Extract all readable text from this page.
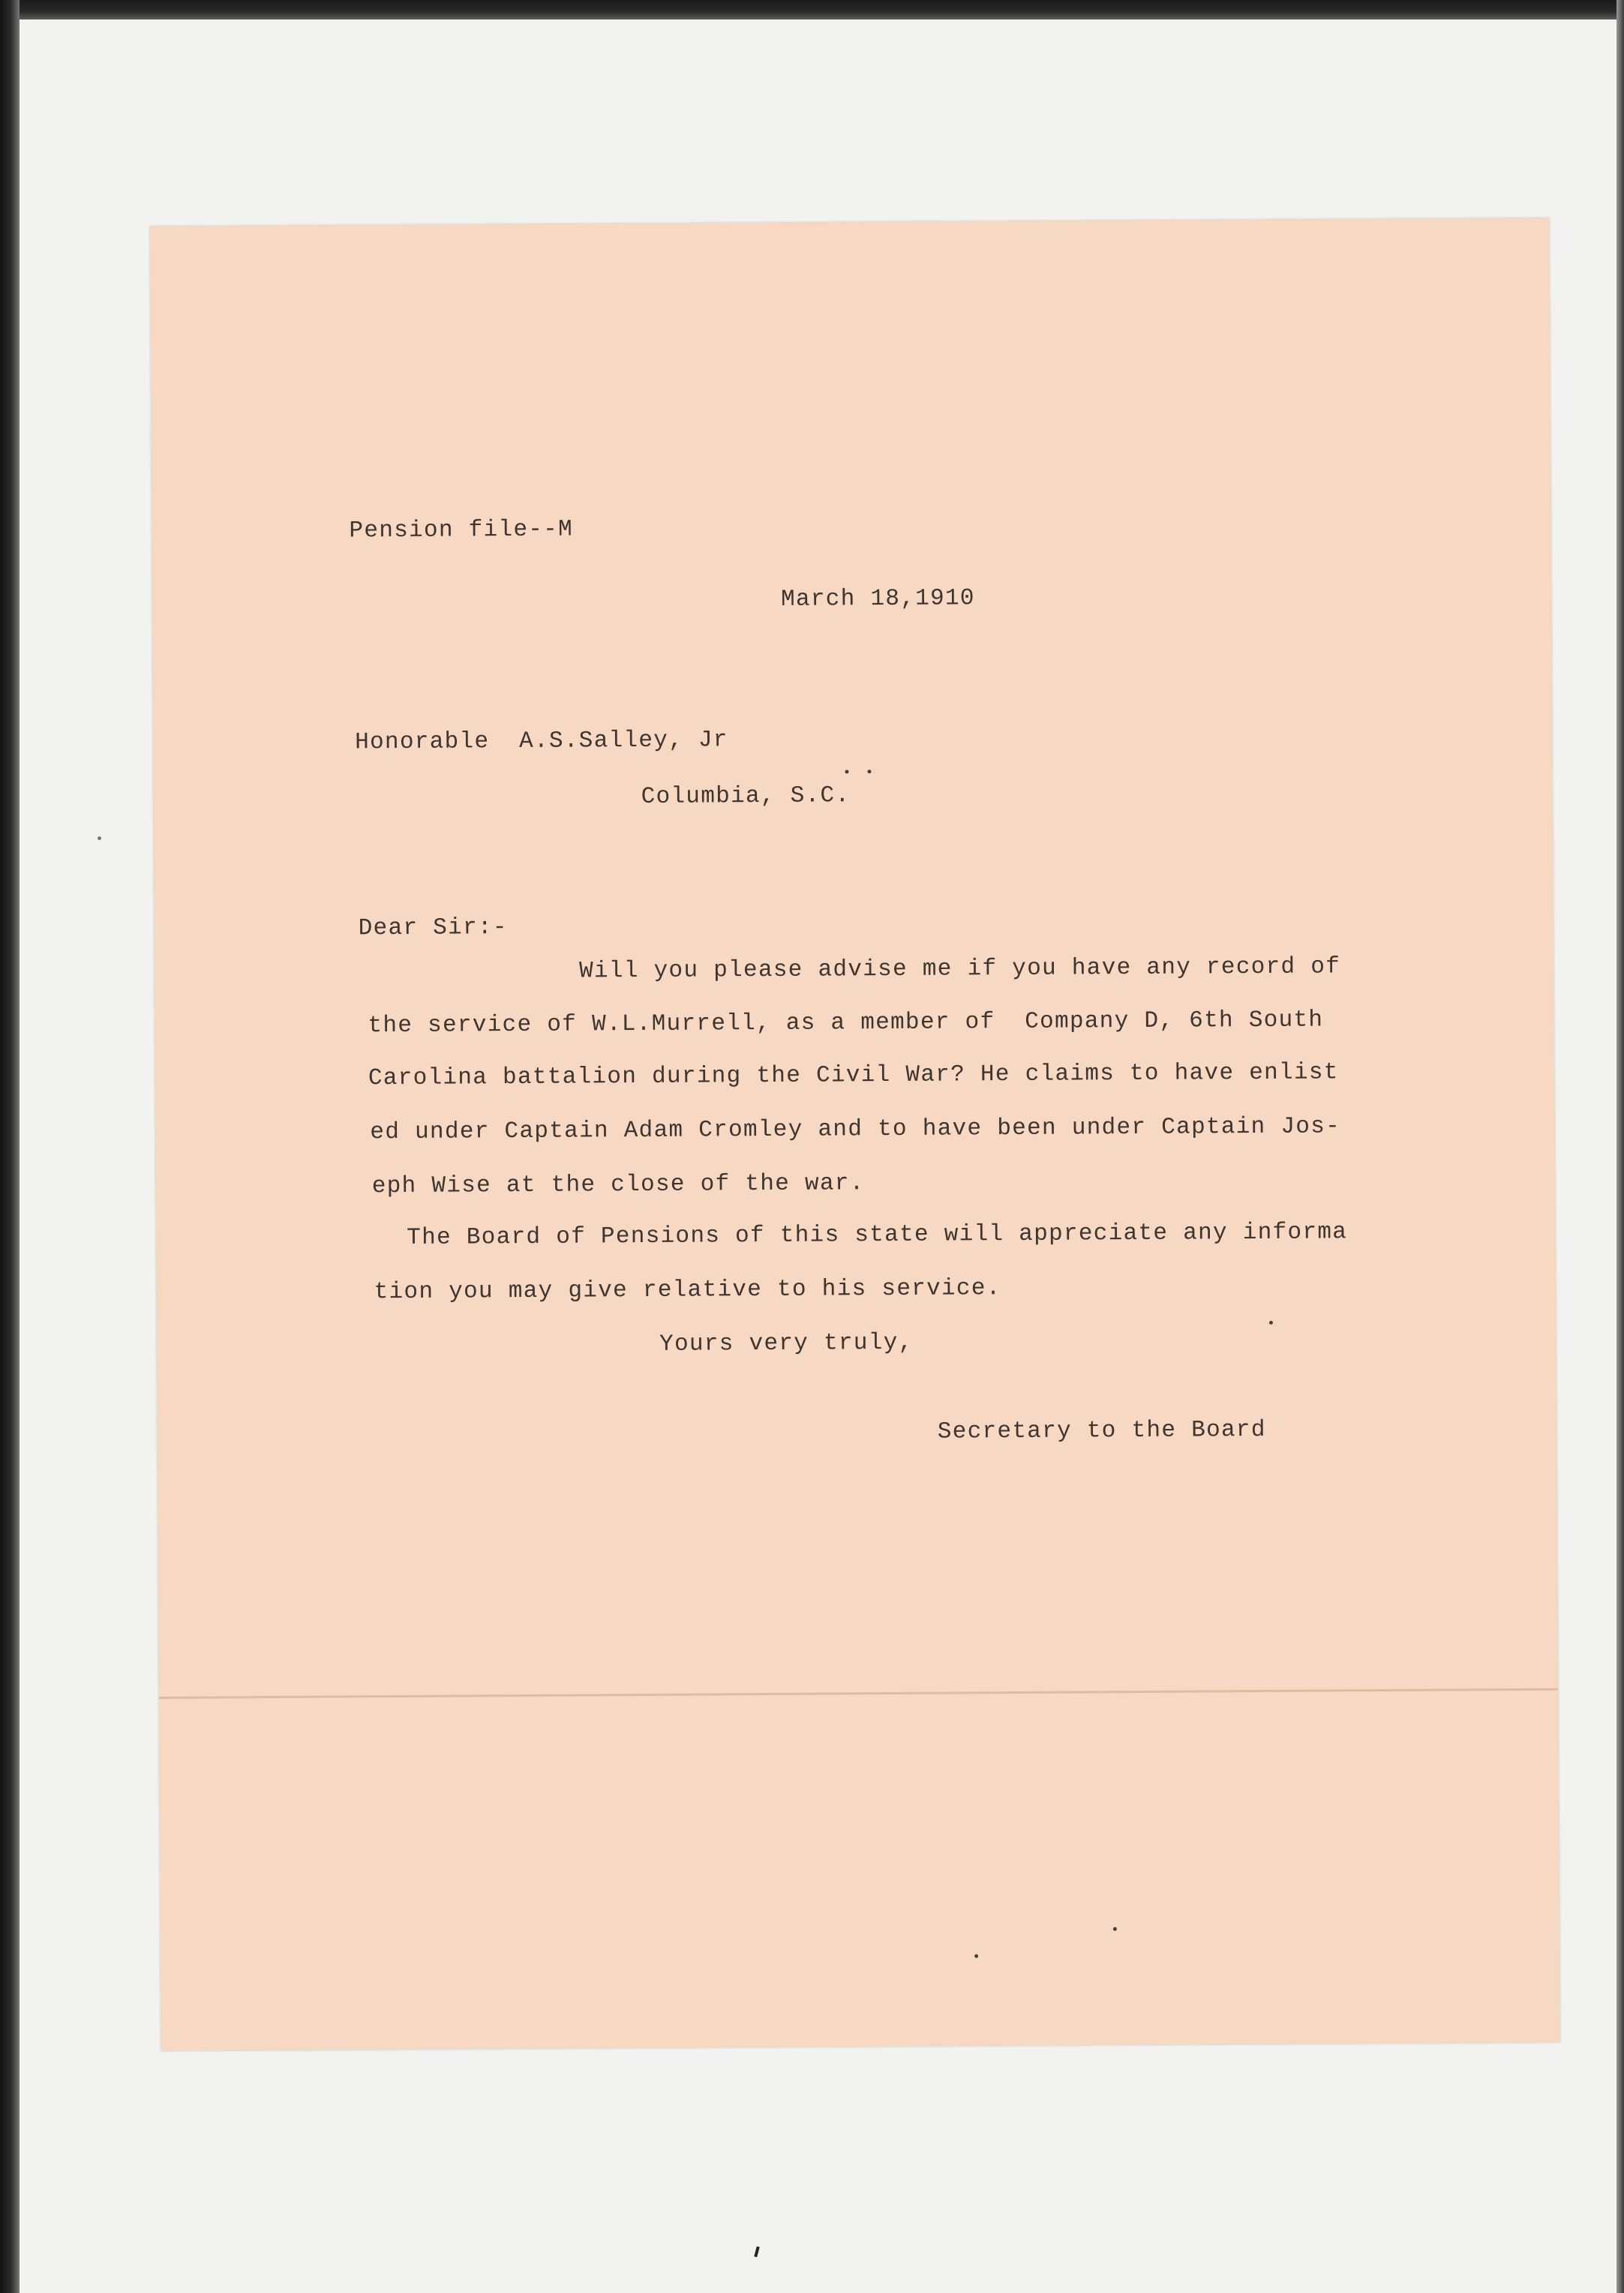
Pension file--M
March 18,1910
Honorable  A.S.Salley, Jr
Columbia, S.C.
Dear Sir:-
Will you please advise me if you have any record of
the service of W.L.Murrell, as a member of  Company D, 6th South
Carolina battalion during the Civil War? He claims to have enlist
ed under Captain Adam Cromley and to have been under Captain Jos-
eph Wise at the close of the war.
The Board of Pensions of this state will appreciate any informa
tion you may give relative to his service.
Yours very truly,
Secretary to the Board
